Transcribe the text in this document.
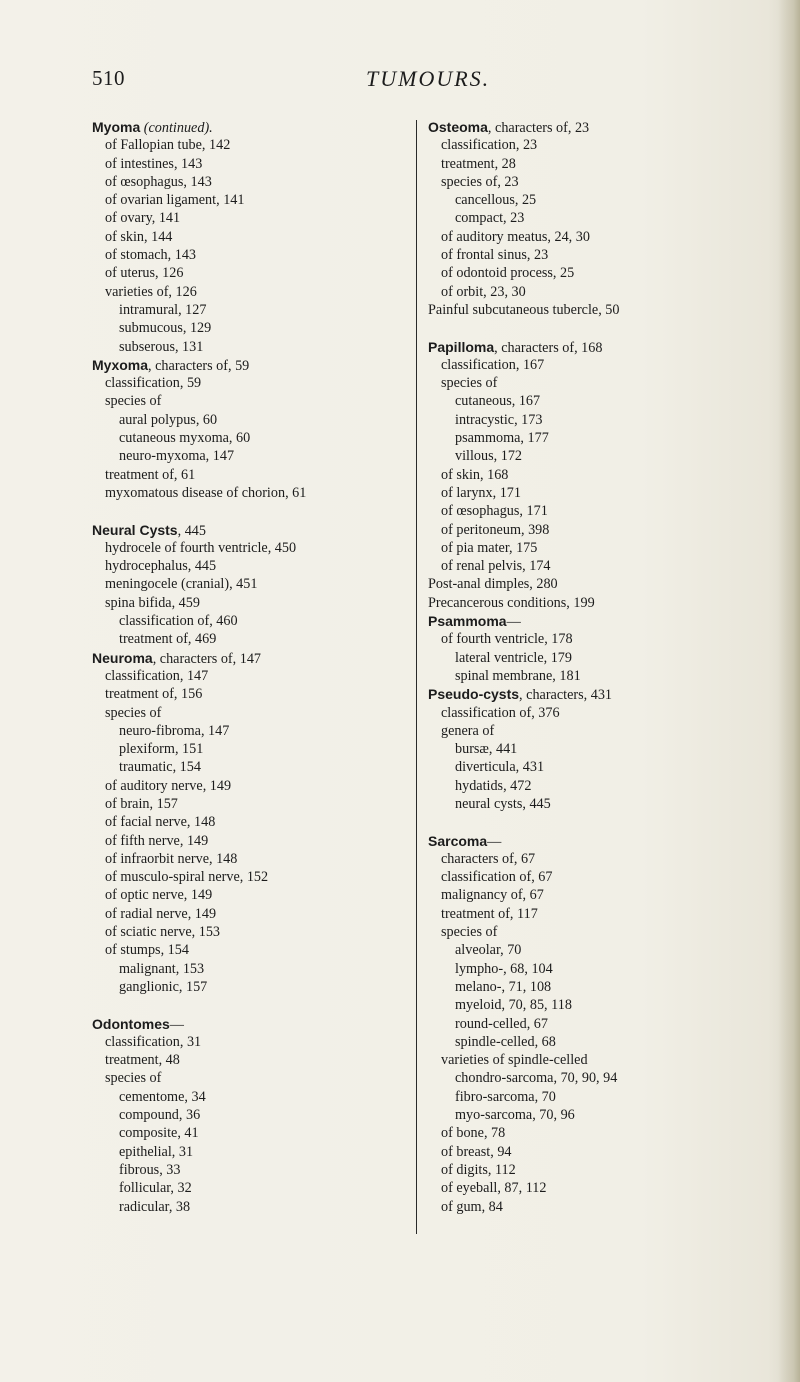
510	TUMOURS.
Myoma (continued).
of Fallopian tube, 142
of intestines, 143
of œsophagus, 143
of ovarian ligament, 141
of ovary, 141
of skin, 144
of stomach, 143
of uterus, 126
varieties of, 126
intramural, 127
submucous, 129
subserous, 131
Myxoma, characters of, 59
classification, 59
species of
aural polypus, 60
cutaneous myxoma, 60
neuro-myxoma, 147
treatment of, 61
myxomatous disease of chorion, 61
Neural Cysts, 445
hydrocele of fourth ventricle, 450
hydrocephalus, 445
meningocele (cranial), 451
spina bifida, 459
classification of, 460
treatment of, 469
Neuroma, characters of, 147
classification, 147
treatment of, 156
species of
neuro-fibroma, 147
plexiform, 151
traumatic, 154
of auditory nerve, 149
of brain, 157
of facial nerve, 148
of fifth nerve, 149
of infraorbit nerve, 148
of musculo-spiral nerve, 152
of optic nerve, 149
of radial nerve, 149
of sciatic nerve, 153
of stumps, 154
malignant, 153
ganglionic, 157
Odontomes—
classification, 31
treatment, 48
species of
cementome, 34
compound, 36
composite, 41
epithelial, 31
fibrous, 33
follicular, 32
radicular, 38
Osteoma, characters of, 23
classification, 23
treatment, 28
species of, 23
cancellous, 25
compact, 23
of auditory meatus, 24, 30
of frontal sinus, 23
of odontoid process, 25
of orbit, 23, 30
Painful subcutaneous tubercle, 50
Papilloma, characters of, 168
classification, 167
species of
cutaneous, 167
intracystic, 173
psammoma, 177
villous, 172
of skin, 168
of larynx, 171
of œsophagus, 171
of peritoneum, 398
of pia mater, 175
of renal pelvis, 174
Post-anal dimples, 280
Precancerous conditions, 199
Psammoma—
of fourth ventricle, 178
lateral ventricle, 179
spinal membrane, 181
Pseudo-cysts, characters, 431
classification of, 376
genera of
bursæ, 441
diverticula, 431
hydatids, 472
neural cysts, 445
Sarcoma—
characters of, 67
classification of, 67
malignancy of, 67
treatment of, 117
species of
alveolar, 70
lympho-, 68, 104
melano-, 71, 108
myeloid, 70, 85, 118
round-celled, 67
spindle-celled, 68
varieties of spindle-celled
chondro-sarcoma, 70, 90, 94
fibro-sarcoma, 70
myo-sarcoma, 70, 96
of bone, 78
of breast, 94
of digits, 112
of eyeball, 87, 112
of gum, 84
